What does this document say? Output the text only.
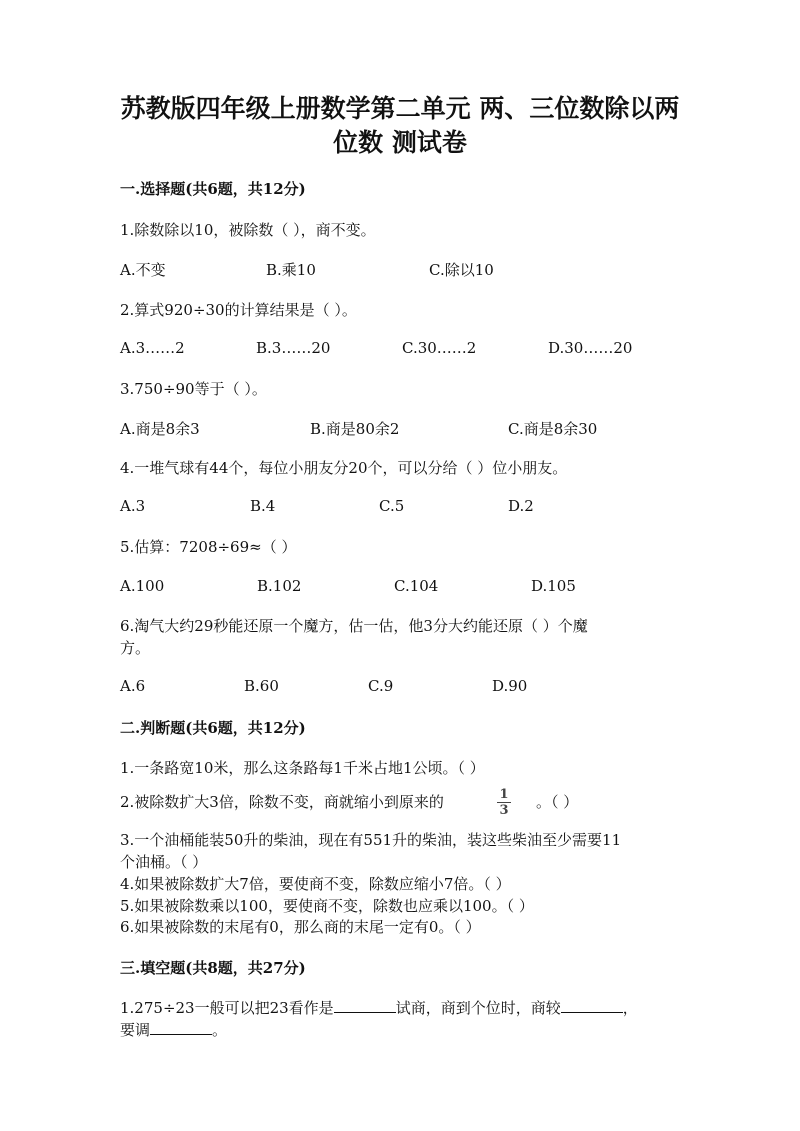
苏教版四年级上册数学第二单元 两、三位数除以两
位数 测试卷
一.选择题(共6题，共12分)
1.除数除以10，被除数（ ），商不变。
A.不变	B.乘10	C.除以10
2.算式920÷30的计算结果是（ ）。
A.3……2	B.3……20	C.30……2	D.30……20
3.750÷90等于（ ）。
A.商是8余3	B.商是80余2	C.商是8余30
4.一堆气球有44个，每位小朋友分20个，可以分给（ ）位小朋友。
A.3	B.4	C.5	D.2
5.估算：7208÷69≈（ ）
A.100	B.102	C.104	D.105
6.淘气大约29秒能还原一个魔方，估一估，他3分大约能还原（ ）个魔
方。
A.6	B.60	C.9	D.90
二.判断题(共6题，共12分)
1.一条路宽10米，那么这条路每1千米占地1公顷。（ ）
2.被除数扩大3倍，除数不变，商就缩小到原来的	$\frac{1}{3}$ 。（ ）
3.一个油桶能装50升的柴油，现在有551升的柴油，装这些柴油至少需要11
个油桶。（ ）
4.如果被除数扩大7倍，要使商不变，除数应缩小7倍。（ ）
5.如果被除数乘以100，要使商不变，除数也应乘以100。（ ）
6.如果被除数的末尾有0，那么商的末尾一定有0。（ ）
三.填空题(共8题，共27分)
1.275÷23一般可以把23看作是	试商，商到个位时，商较	，
要调	。
